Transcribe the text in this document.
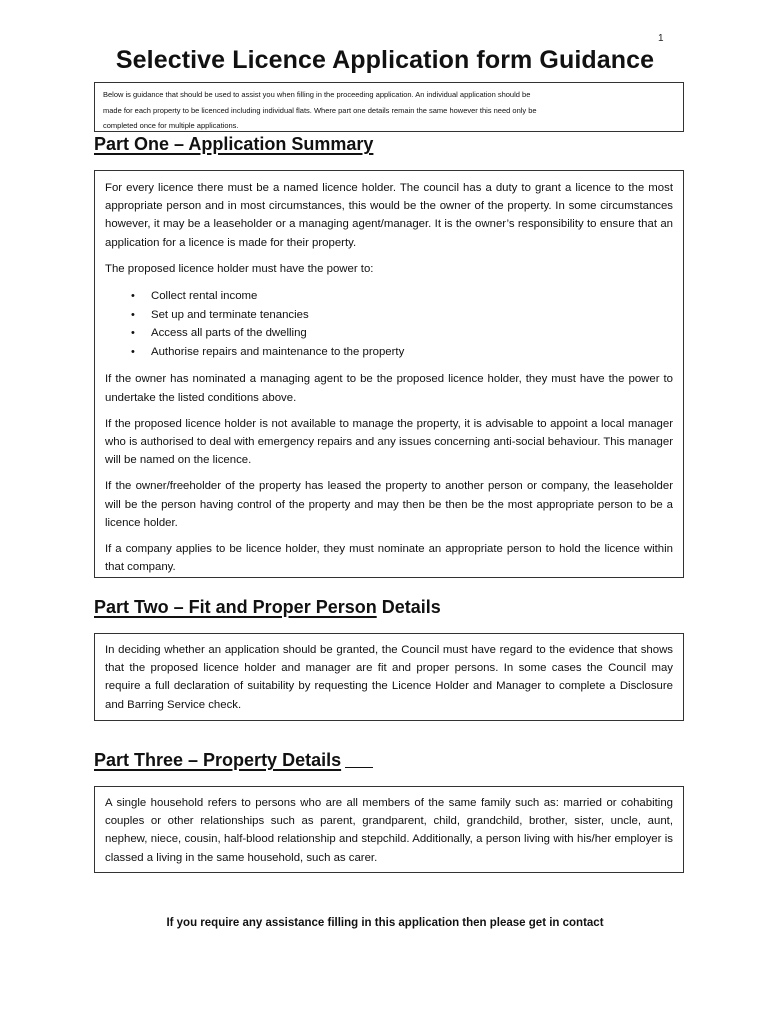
1
Selective Licence Application form Guidance
Below is guidance that should be used to assist you when filling in the proceeding application. An individual application should be
made for each property to be licenced including individual flats. Where part one details remain the same however this need only be
completed once for multiple applications.
Part One – Application Summary

For every licence there must be a named licence holder. The council has a duty to grant a licence to the most appropriate person and in most circumstances, this would be the owner of the property. In some circumstances however, it may be a leaseholder or a managing agent/manager. It is the owner’s responsibility to ensure that an application for a licence is made for their property.

The proposed licence holder must have the power to:

• Collect rental income
• Set up and terminate tenancies
• Access all parts of the dwelling
• Authorise repairs and maintenance to the property

If the owner has nominated a managing agent to be the proposed licence holder, they must have the power to undertake the listed conditions above.

If the proposed licence holder is not available to manage the property, it is advisable to appoint a local manager who is authorised to deal with emergency repairs and any issues concerning anti-social behaviour. This manager will be named on the licence.

If the owner/freeholder of the property has leased the property to another person or company, the leaseholder will be the person having control of the property and may then be then be the most appropriate person to be a licence holder.

If a company applies to be licence holder, they must nominate an appropriate person to hold the licence within that company.

Part Two – Fit and Proper Person Details

In deciding whether an application should be granted, the Council must have regard to the evidence that shows that the proposed licence holder and manager are fit and proper persons. In some cases the Council may require a full declaration of suitability by requesting the Licence Holder and Manager to complete a Disclosure and Barring Service check.

Part Three – Property Details

A single household refers to persons who are all members of the same family such as: married or cohabiting couples or other relationships such as parent, grandparent, child, grandchild, brother, sister, uncle, aunt, nephew, niece, cousin, half-blood relationship and stepchild. Additionally, a person living with his/her employer is classed a living in the same household, such as carer.

If you require any assistance filling in this application then please get in contact
